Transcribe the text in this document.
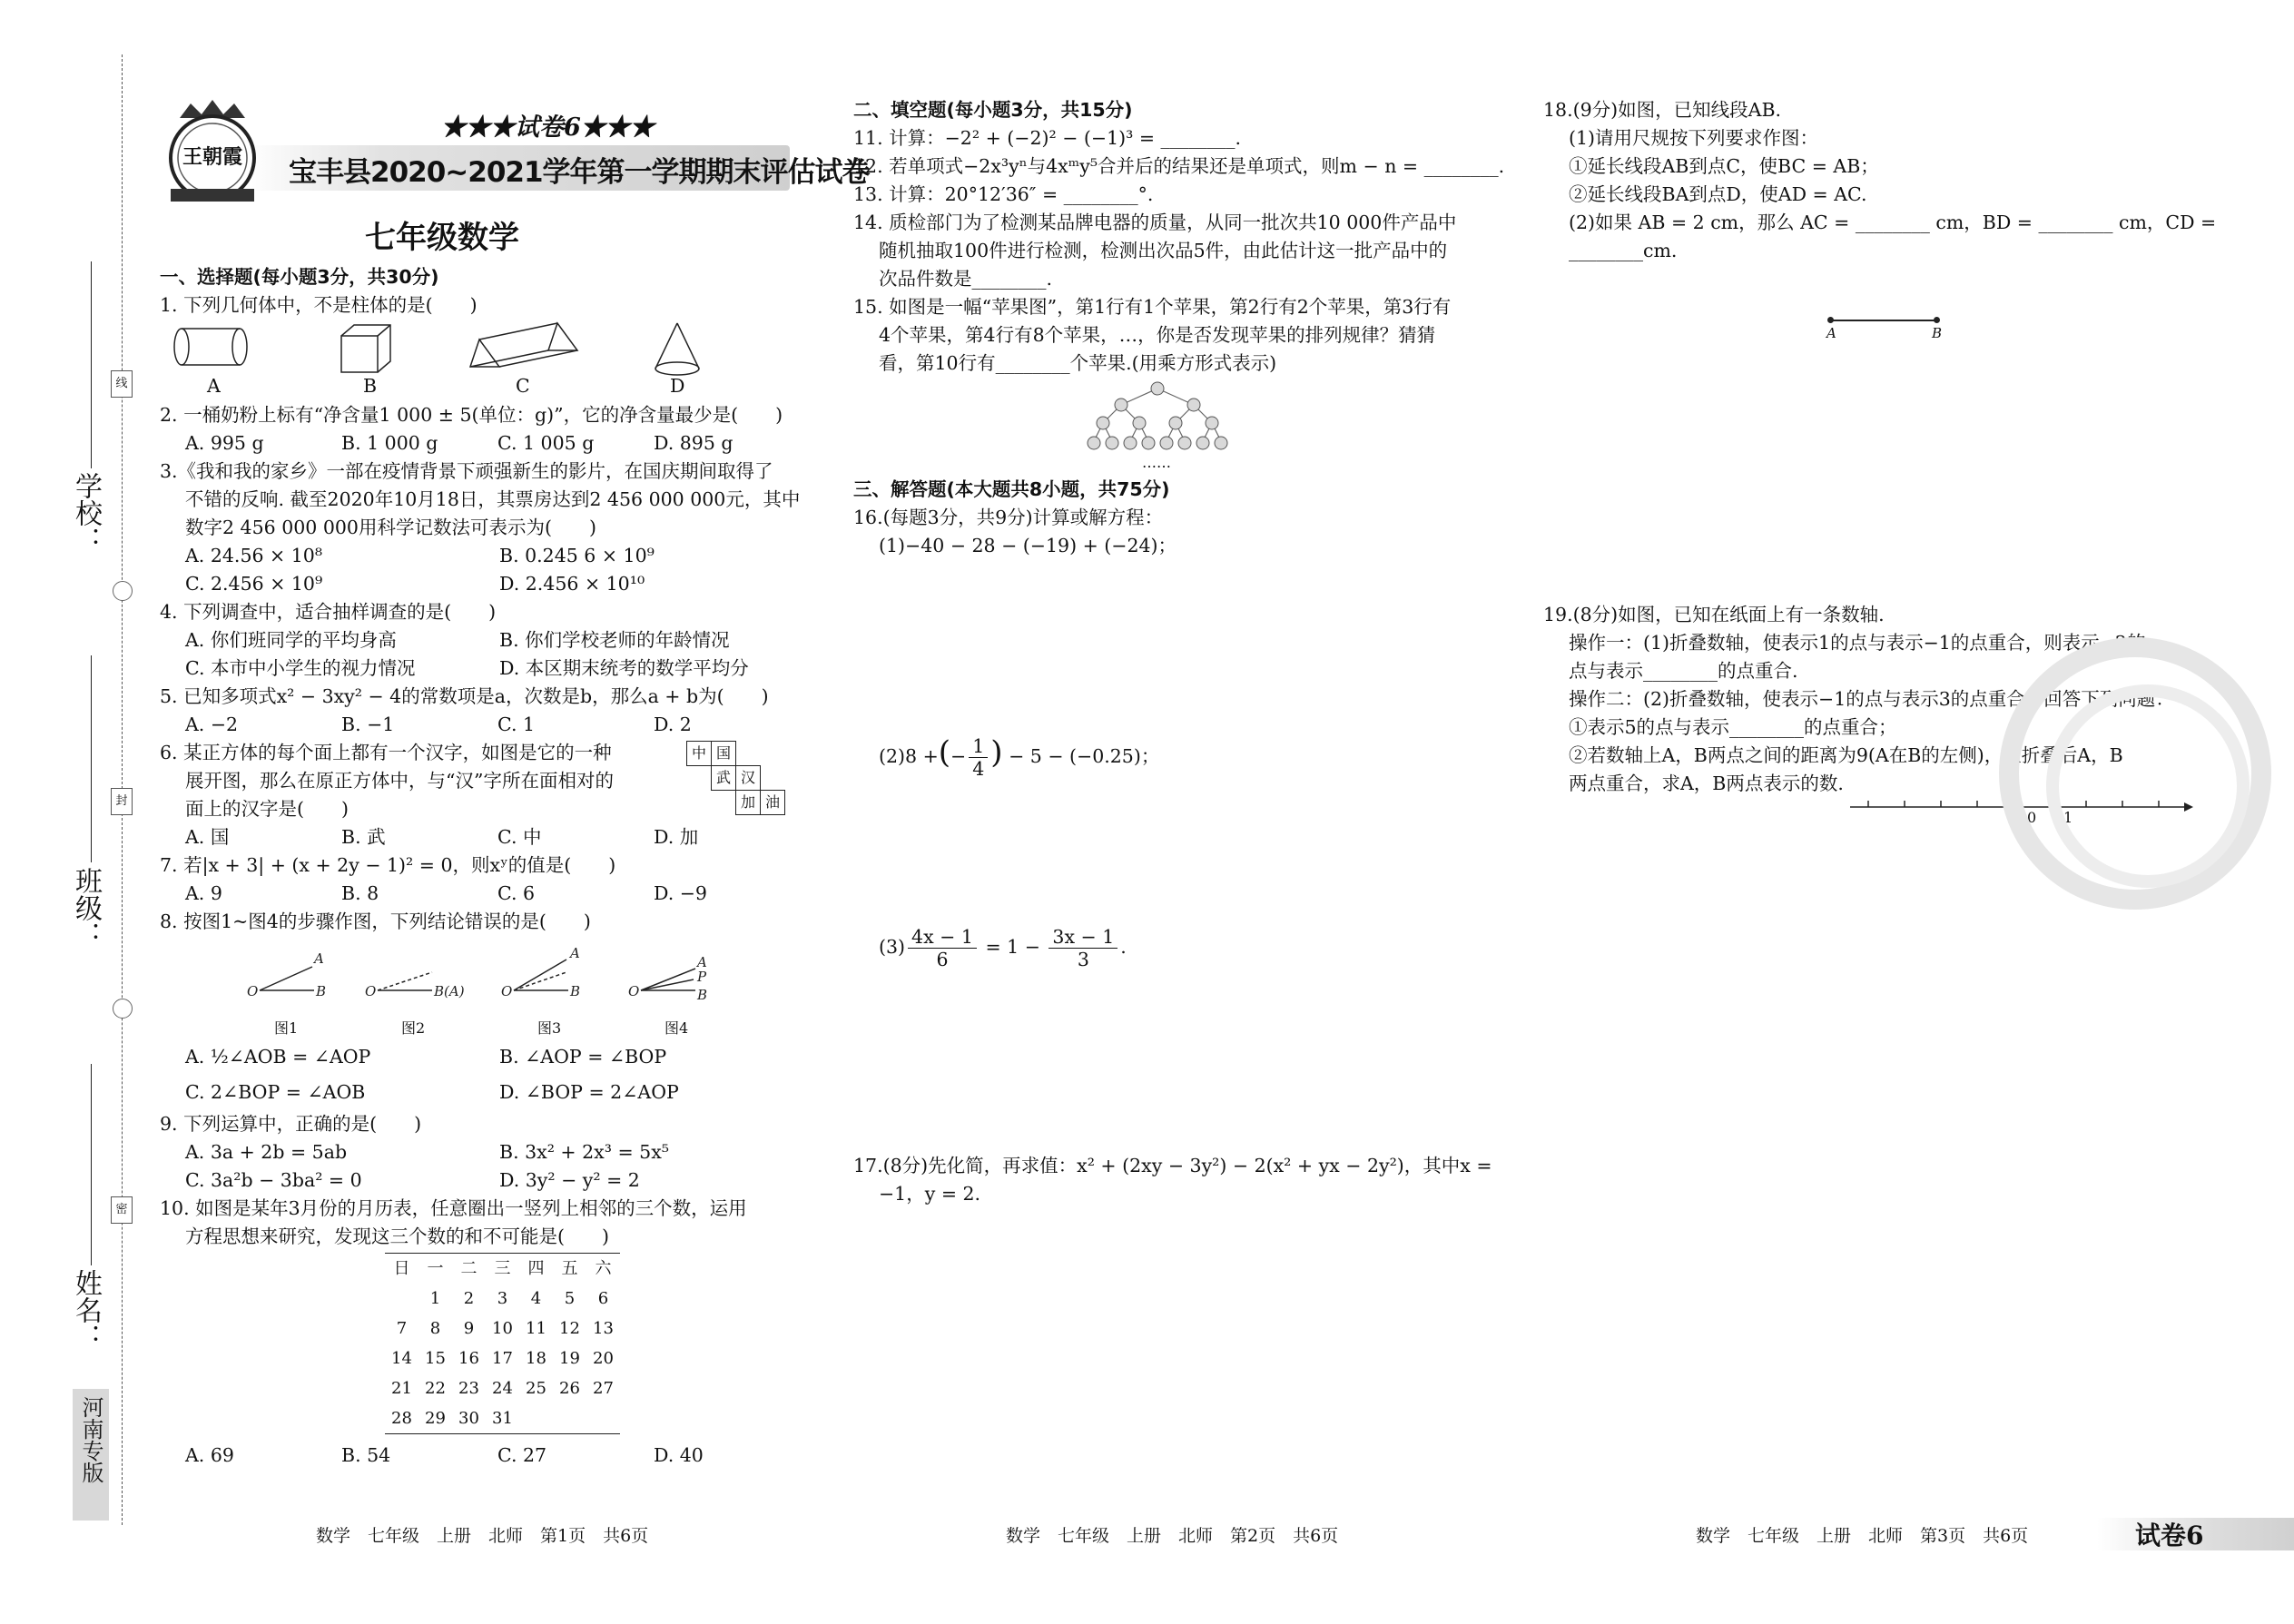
线
封
密
学校：
班级：
姓名：
河南专版
王朝霞
★★★试卷6★★★
宝丰县2020~2021学年第一学期期末评估试卷
七年级数学

一、选择题(每小题3分，共30分)

1. 下列几何体中，不是柱体的是(　　)

A	B	C	D

2. 一桶奶粉上标有“净含量1 000 ± 5(单位：g)”，它的净含量最少是(　　)

A. 995 g	B. 1 000 g	C. 1 005 g	D. 895 g

3.《我和我的家乡》一部在疫情背景下顽强新生的影片，在国庆期间取得了

不错的反响. 截至2020年10月18日，其票房达到2 456 000 000元，其中

数字2 456 000 000用科学记数法可表示为(　　)

A. 24.56 × 10⁸	B. 0.245 6 × 10⁹
C. 2.456 × 10⁹	D. 2.456 × 10¹⁰

4. 下列调查中，适合抽样调查的是(　　)

A. 你们班同学的平均身高	B. 你们学校老师的年龄情况
C. 本市中小学生的视力情况	D. 本区期末统考的数学平均分

5. 已知多项式x² − 3xy² − 4的常数项是a，次数是b，那么a + b为(　　)

A. −2	B. −1	C. 1	D. 2

6. 某正方体的每个面上都有一个汉字，如图是它的一种

展开图，那么在原正方体中，与“汉”字所在面相对的

面上的汉字是(　　)

中 国
武 汉
加 油
A. 国	B. 武	C. 中	D. 加

7. 若|x + 3| + (x + 2y − 1)² = 0，则xʸ的值是(　　)

A. 9	B. 8	C. 6	D. −9

8. 按图1~图4的步骤作图，下列结论错误的是(　　)

O
A
B	O	B(A)	O
A
B	O
A
P
B
图1	图2	图3	图4
A. ½∠AOB = ∠AOP	B. ∠AOP = ∠BOP
C. 2∠BOP = ∠AOB	D. ∠BOP = 2∠AOP

9. 下列运算中，正确的是(　　)

A. 3a + 2b = 5ab	B. 3x² + 2x³ = 5x⁵
C. 3a²b − 3ba² = 0	D. 3y² − y² = 2

10. 如图是某年3月份的月历表，任意圈出一竖列上相邻的三个数，运用

方程思想来研究，发现这三个数的和不可能是(　　)

日	一	二	三	四	五	六
	1	2	3	4	5	6
7	8	9	10	11	12	13
14	15	16	17	18	19	20
21	22	23	24	25	26	27
28	29	30	31			
A. 69	B. 54	C. 27	D. 40

二、填空题(每小题3分，共15分)

11. 计算：−2² + (−2)² − (−1)³ = ________.

12. 若单项式−2x³yⁿ与4xᵐy⁵合并后的结果还是单项式，则m − n = ________.

13. 计算：20°12′36″ = ________°.

14. 质检部门为了检测某品牌电器的质量，从同一批次共10 000件产品中

随机抽取100件进行检测，检测出次品5件，由此估计这一批产品中的

次品件数是________.

15. 如图是一幅“苹果图”，第1行有1个苹果，第2行有2个苹果，第3行有

4个苹果，第4行有8个苹果，…，你是否发现苹果的排列规律？猜猜

看，第10行有________个苹果.(用乘方形式表示)

……

三、解答题(本大题共8小题，共75分)

16.(每题3分，共9分)计算或解方程：

(1)−40 − 28 − (−19) + (−24)；

(2)8 +(− $\frac{1}{4}$ ) − 5 − (−0.25)；

$(3) \frac{4x - 1}{6} = 1 - \frac{3x - 1}{3}$ .

17.(8分)先化简，再求值：x² + (2xy − 3y²) − 2(x² + yx − 2y²)，其中x =

−1，y = 2.

18.(9分)如图，已知线段AB.

(1)请用尺规按下列要求作图：

①延长线段AB到点C，使BC = AB；

②延长线段BA到点D，使AD = AC.

(2)如果 AB = 2 cm，那么 AC = ________ cm，BD = ________ cm，CD =

________cm.

A	B

19.(8分)如图，已知在纸面上有一条数轴.

操作一：(1)折叠数轴，使表示1的点与表示−1的点重合，则表示−2的

点与表示________的点重合.

操作二：(2)折叠数轴，使表示−1的点与表示3的点重合，回答下列问题：

①表示5的点与表示________的点重合；

②若数轴上A，B两点之间的距离为9(A在B的左侧)，且折叠后A，B

两点重合，求A，B两点表示的数.

0 1
数学　七年级　上册　北师　第1页　共6页	数学　七年级　上册　北师　第2页　共6页	数学　七年级　上册　北师　第3页　共6页	试卷6
